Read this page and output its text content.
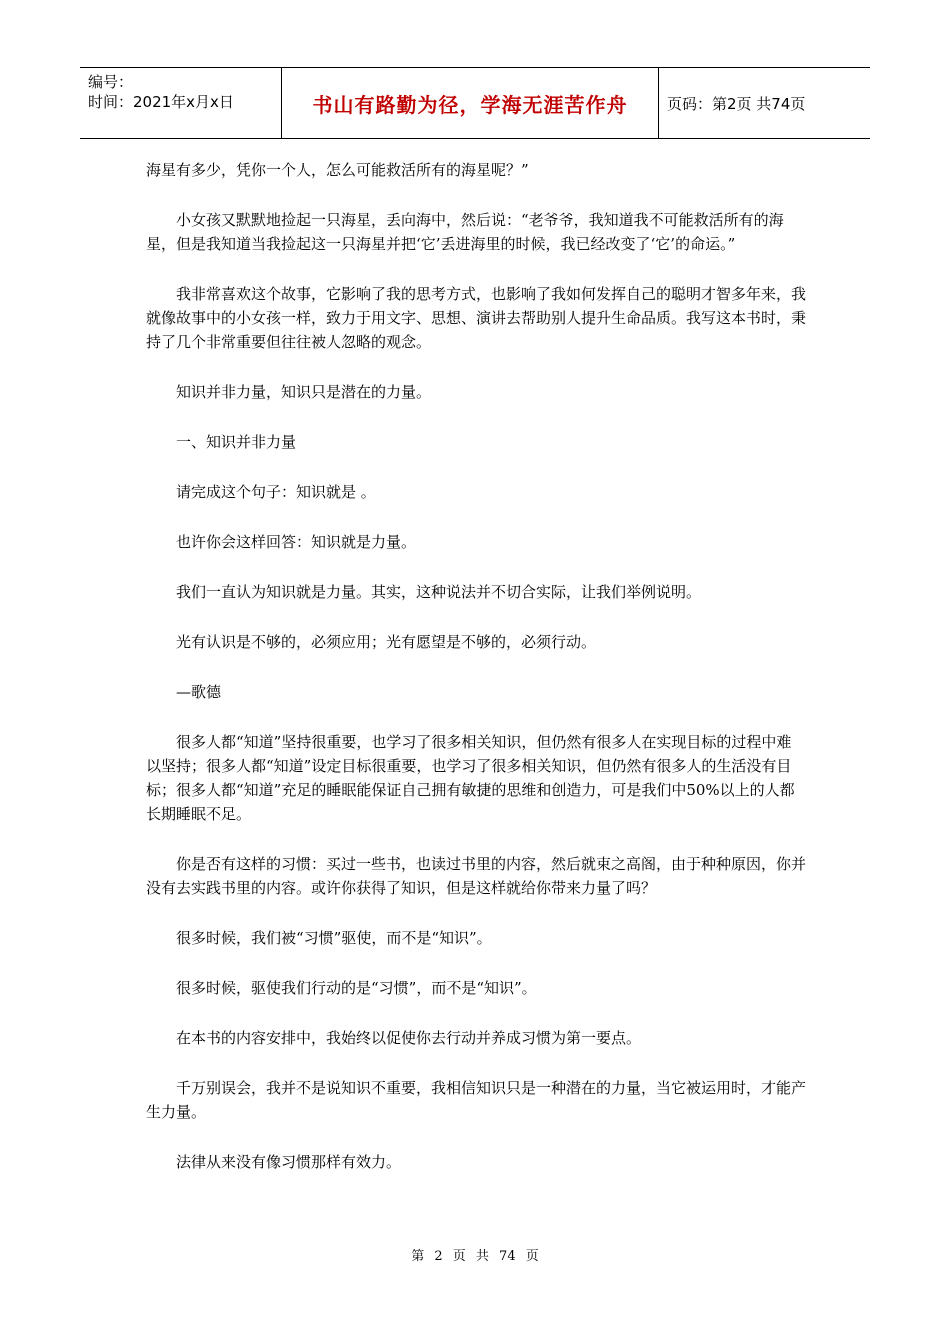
编号：
时间：2021年x月x日	书山有路勤为径，学海无涯苦作舟	页码：第2页 共74页

海星有多少，凭你一个人，怎么可能救活所有的海星呢？”

小女孩又默默地捡起一只海星，丢向海中，然后说：“老爷爷，我知道我不可能救活所有的海星，但是我知道当我捡起这一只海星并把‘它’丢进海里的时候，我已经改变了‘它’的命运。”

我非常喜欢这个故事，它影响了我的思考方式，也影响了我如何发挥自己的聪明才智多年来，我就像故事中的小女孩一样，致力于用文字、思想、演讲去帮助别人提升生命品质。我写这本书时，秉持了几个非常重要但往往被人忽略的观念。

知识并非力量，知识只是潜在的力量。

一、知识并非力量

请完成这个句子：知识就是 。

也许你会这样回答：知识就是力量。

我们一直认为知识就是力量。其实，这种说法并不切合实际，让我们举例说明。

光有认识是不够的，必须应用；光有愿望是不够的，必须行动。

—歌德

很多人都“知道”坚持很重要，也学习了很多相关知识，但仍然有很多人在实现目标的过程中难以坚持；很多人都“知道”设定目标很重要，也学习了很多相关知识，但仍然有很多人的生活没有目标；很多人都“知道”充足的睡眠能保证自己拥有敏捷的思维和创造力，可是我们中50%以上的人都长期睡眠不足。

你是否有这样的习惯：买过一些书，也读过书里的内容，然后就束之高阁，由于种种原因，你并没有去实践书里的内容。或许你获得了知识，但是这样就给你带来力量了吗？

很多时候，我们被“习惯”驱使，而不是“知识”。

很多时候，驱使我们行动的是“习惯”，而不是“知识”。

在本书的内容安排中，我始终以促使你去行动并养成习惯为第一要点。

千万别误会，我并不是说知识不重要，我相信知识只是一种潜在的力量，当它被运用时，才能产生力量。

法律从来没有像习惯那样有效力。

第 2 页 共 74 页
